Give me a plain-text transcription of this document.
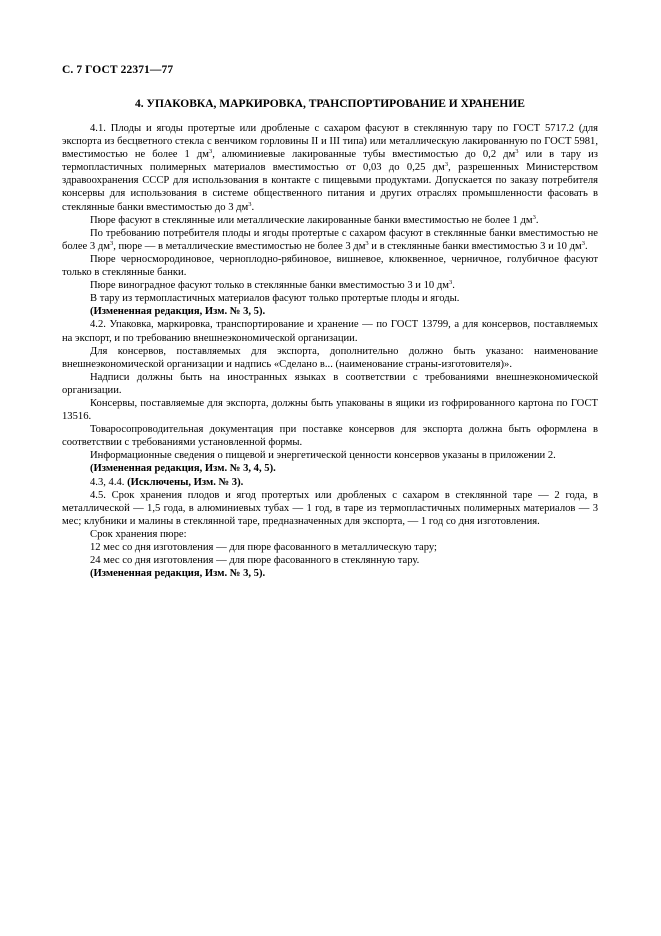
С. 7 ГОСТ 22371—77
4. УПАКОВКА, МАРКИРОВКА, ТРАНСПОРТИРОВАНИЕ И ХРАНЕНИЕ

4.1. Плоды и ягоды протертые или дробленые с сахаром фасуют в стеклянную тару по ГОСТ 5717.2 (для экспорта из бесцветного стекла с венчиком горловины II и III типа) или металлическую лакированную по ГОСТ 5981, вместимостью не более 1 $дм^3$, алюминиевые лакированные тубы вместимостью до 0,2 $дм^3$ или в тару из термопластичных полимерных материалов вместимостью от 0,03 до 0,25 $дм^3$, разрешенных Министерством здравоохранения СССР для использования в контакте с пищевыми продуктами. Допускается по заказу потребителя консервы для использования в системе общественного питания и других отраслях промышленности фасовать в стеклянные банки вместимостью до 3 $дм^3$.

Пюре фасуют в стеклянные или металлические лакированные банки вместимостью не более 1 $дм^3$.

По требованию потребителя плоды и ягоды протертые с сахаром фасуют в стеклянные банки вместимостью не более 3 $дм^3$, пюре — в металлические вместимостью не более 3 $дм^3$ и в стеклянные банки вместимостью 3 и 10 $дм^3$.

Пюре черносмородиновое, черноплодно-рябиновое, вишневое, клюквенное, черничное, голубичное фасуют только в стеклянные банки.

Пюре виноградное фасуют только в стеклянные банки вместимостью 3 и 10 $дм^3$.

В тару из термопластичных материалов фасуют только протертые плоды и ягоды.

(Измененная редакция, Изм. № 3, 5).

4.2. Упаковка, маркировка, транспортирование и хранение — по ГОСТ 13799, а для консервов, поставляемых на экспорт, и по требованию внешнеэкономической организации.

Для консервов, поставляемых для экспорта, дополнительно должно быть указано: наименование внешнеэкономической организации и надпись «Сделано в... (наименование страны-изготовителя)».

Надписи должны быть на иностранных языках в соответствии с требованиями внешнеэкономической организации.

Консервы, поставляемые для экспорта, должны быть упакованы в ящики из гофрированного картона по ГОСТ 13516.

Товаросопроводительная документация при поставке консервов для экспорта должна быть оформлена в соответствии с требованиями установленной формы.

Информационные сведения о пищевой и энергетической ценности консервов указаны в приложении 2.

(Измененная редакция, Изм. № 3, 4, 5).

4.3, 4.4. (Исключены, Изм. № 3).

4.5. Срок хранения плодов и ягод протертых или дробленых с сахаром в стеклянной таре — 2 года, в металлической — 1,5 года, в алюминиевых тубах — 1 год, в таре из термопластичных полимерных материалов — 3 мес; клубники и малины в стеклянной таре, предназначенных для экспорта, — 1 год со дня изготовления.

Срок хранения пюре:

12 мес со дня изготовления — для пюре фасованного в металлическую тару;

24 мес со дня изготовления — для пюре фасованного в стеклянную тару.

(Измененная редакция, Изм. № 3, 5).
